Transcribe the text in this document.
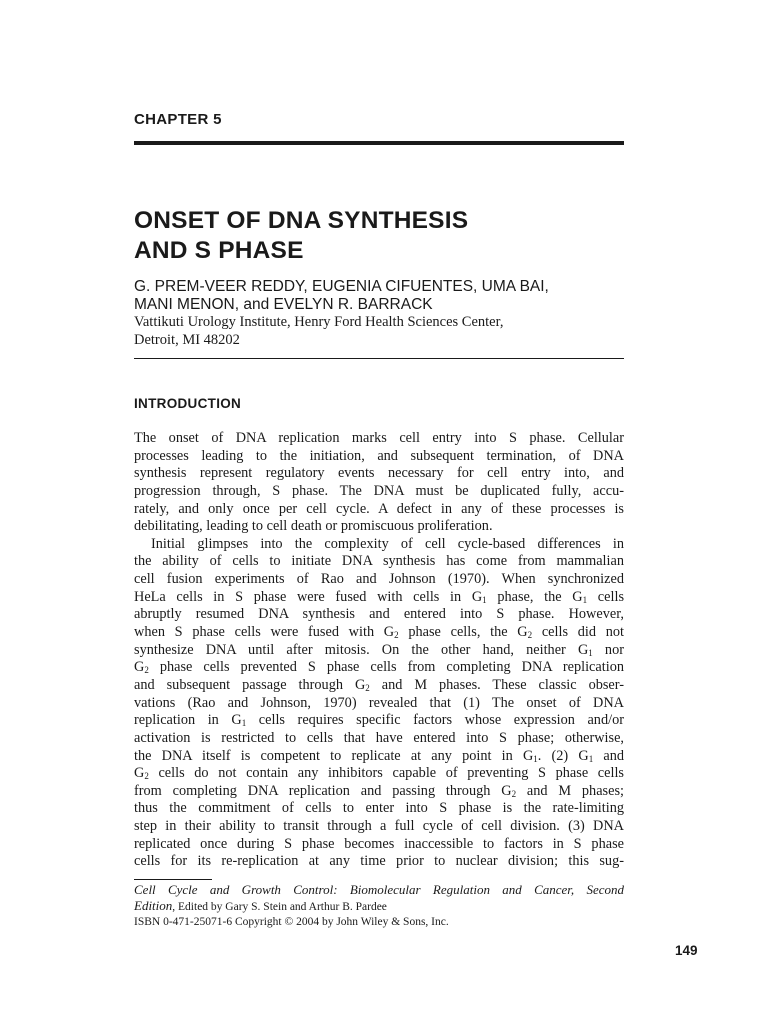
CHAPTER 5
ONSET OF DNA SYNTHESIS
AND S PHASE
G. PREM-VEER REDDY, EUGENIA CIFUENTES, UMA BAI,
MANI MENON, and EVELYN R. BARRACK
Vattikuti Urology Institute, Henry Ford Health Sciences Center,
Detroit, MI 48202
INTRODUCTION
The onset of DNA replication marks cell entry into S phase. Cellular
processes leading to the initiation, and subsequent termination, of DNA
synthesis represent regulatory events necessary for cell entry into, and
progression through, S phase. The DNA must be duplicated fully, accu-
rately, and only once per cell cycle. A defect in any of these processes is
debilitating, leading to cell death or promiscuous proliferation.
Initial glimpses into the complexity of cell cycle-based differences in
the ability of cells to initiate DNA synthesis has come from mammalian
cell fusion experiments of Rao and Johnson (1970). When synchronized
HeLa cells in S phase were fused with cells in $G_1$ phase, the $G_1$ cells
abruptly resumed DNA synthesis and entered into S phase. However,
when S phase cells were fused with $G_2$ phase cells, the $G_2$ cells did not
synthesize DNA until after mitosis. On the other hand, neither $G_1$ nor
$G_2$ phase cells prevented S phase cells from completing DNA replication
and subsequent passage through $G_2$ and M phases. These classic obser-
vations (Rao and Johnson, 1970) revealed that (1) The onset of DNA
replication in $G_1$ cells requires specific factors whose expression and/or
activation is restricted to cells that have entered into S phase; otherwise,
the DNA itself is competent to replicate at any point in $G_1$. (2) $G_1$ and
$G_2$ cells do not contain any inhibitors capable of preventing S phase cells
from completing DNA replication and passing through $G_2$ and M phases;
thus the commitment of cells to enter into S phase is the rate-limiting
step in their ability to transit through a full cycle of cell division. (3) DNA
replicated once during S phase becomes inaccessible to factors in S phase
cells for its re-replication at any time prior to nuclear division; this sug-
Cell Cycle and Growth Control: Biomolecular Regulation and Cancer, Second
Edition, Edited by Gary S. Stein and Arthur B. Pardee
ISBN 0-471-25071-6 Copyright © 2004 by John Wiley & Sons, Inc.
149
